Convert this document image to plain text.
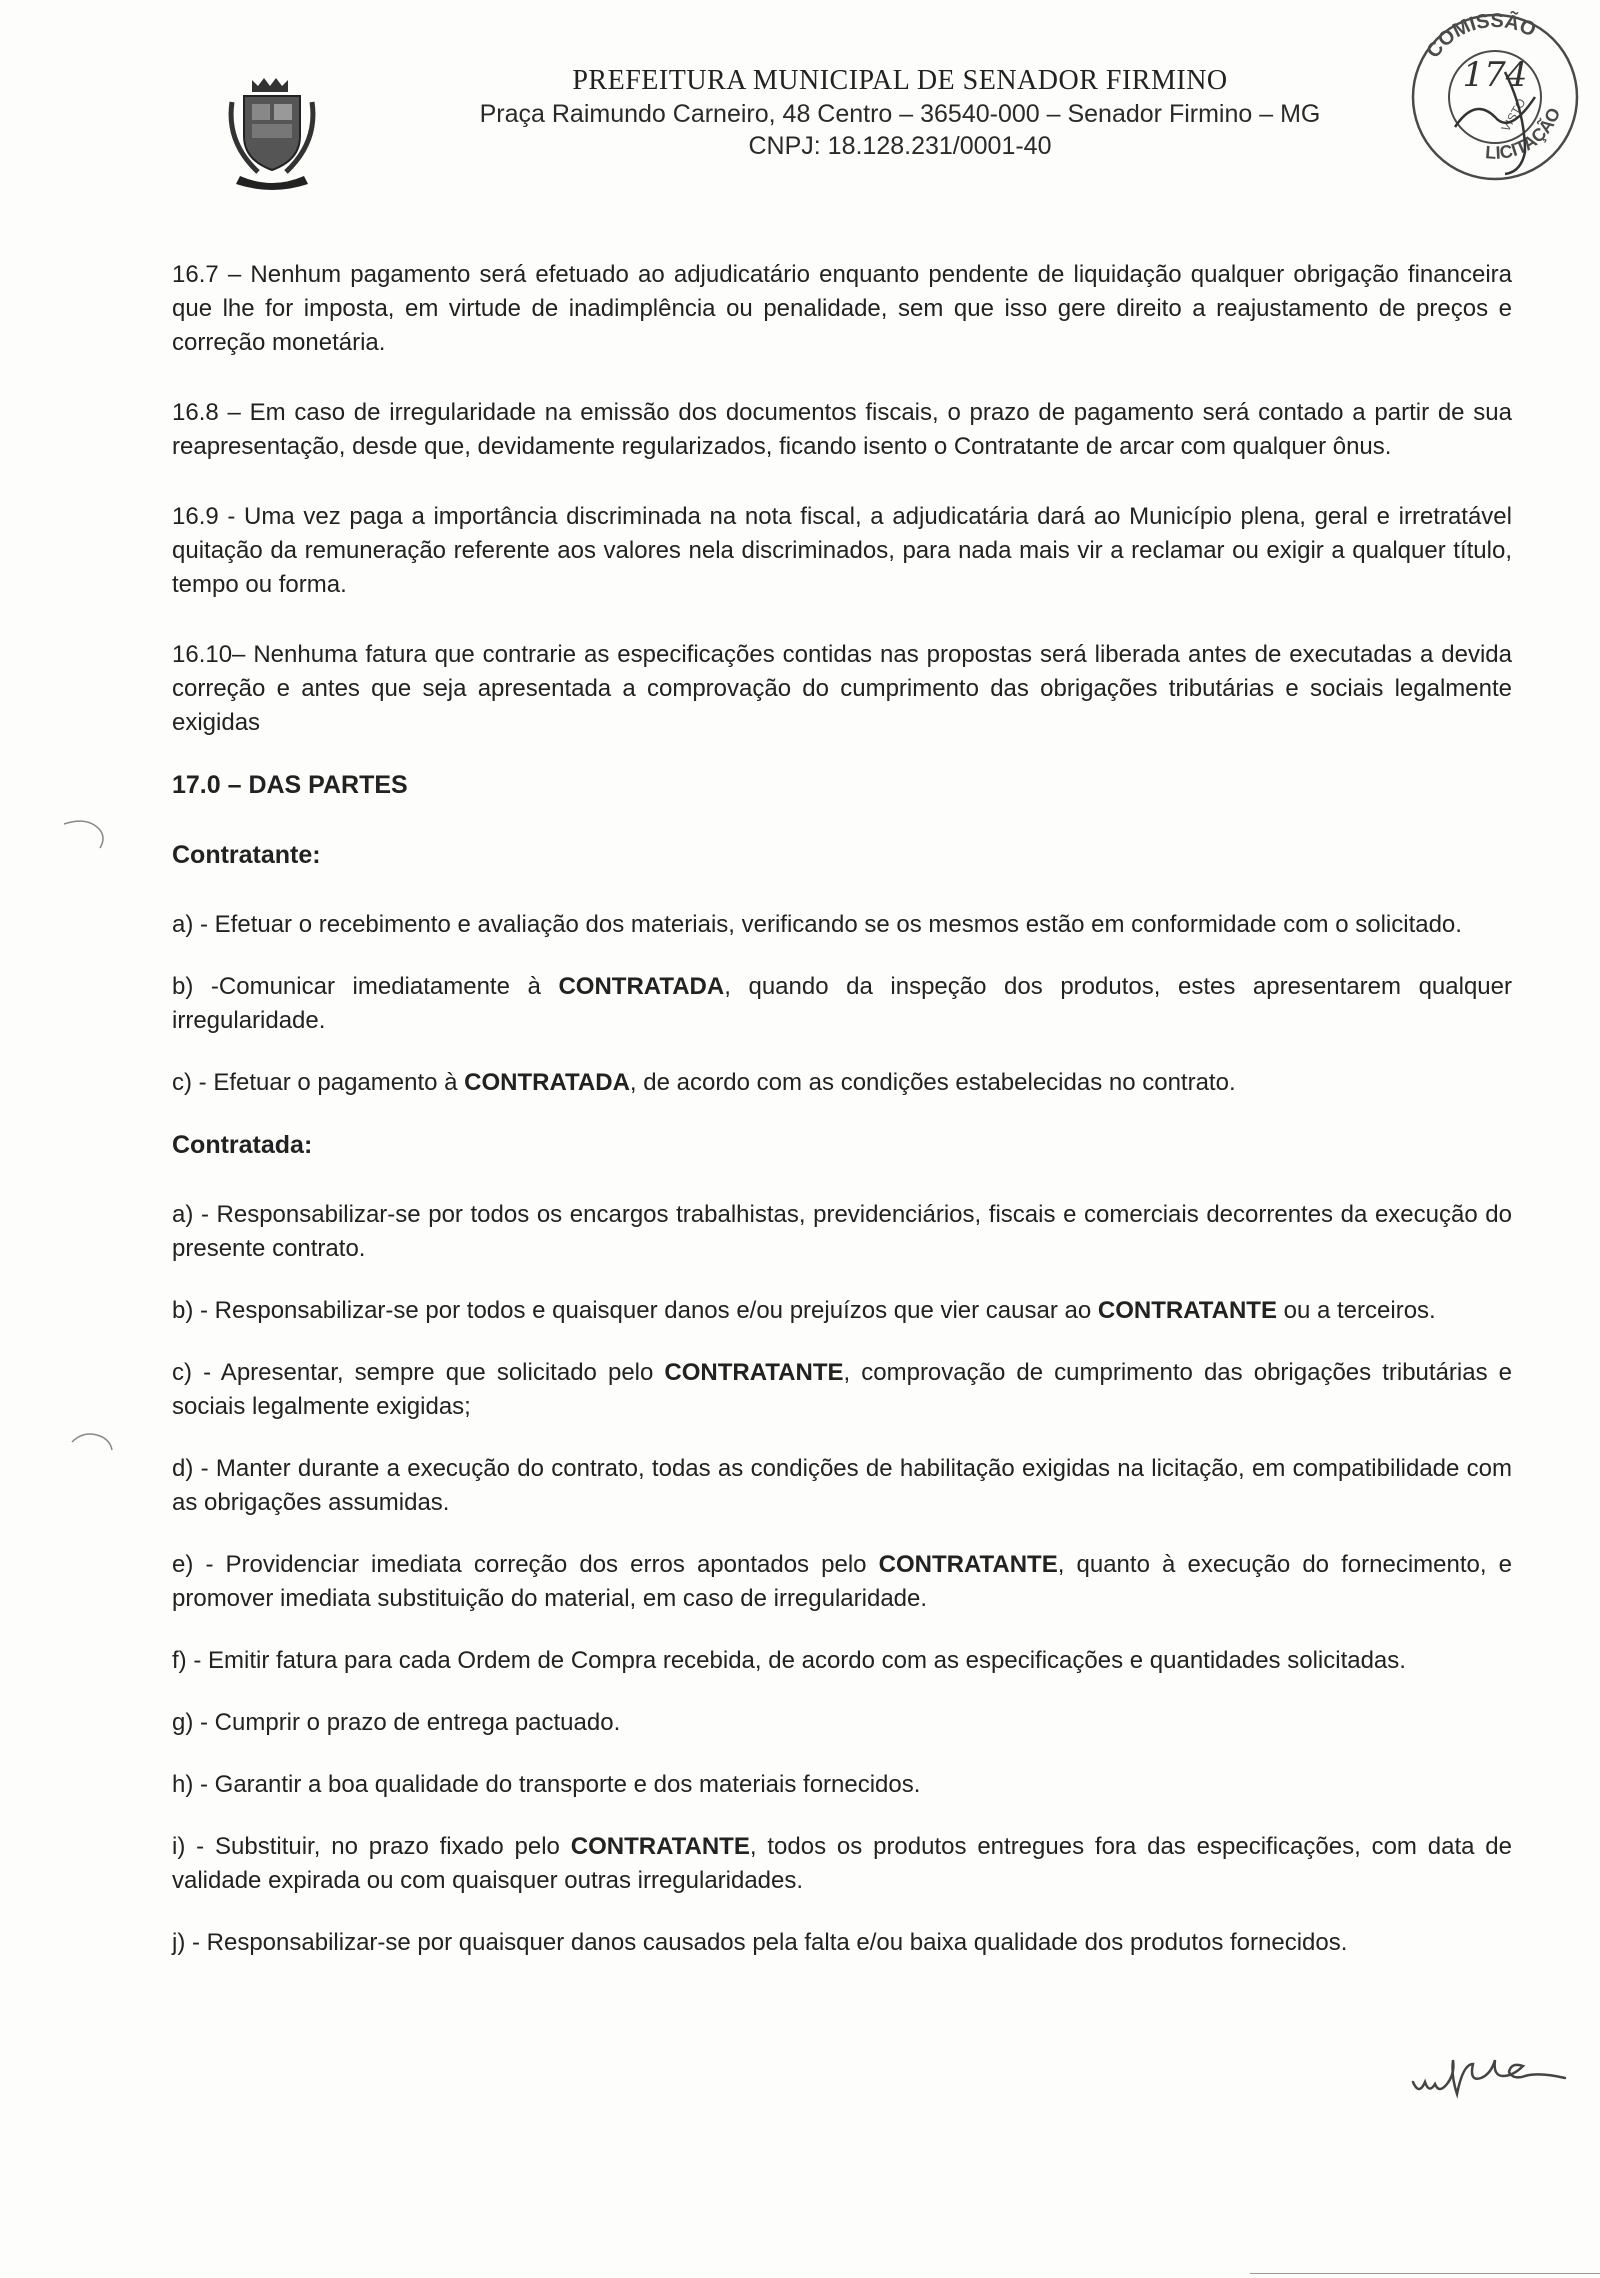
PREFEITURA MUNICIPAL DE SENADOR FIRMINO

Praça Raimundo Carneiro, 48 Centro – 36540-000 – Senador Firmino – MG

CNPJ: 18.128.231/0001-40

COMISSÃO
LICITAÇÃO
174
VISTO

16.7 – Nenhum pagamento será efetuado ao adjudicatário enquanto pendente de liquidação qualquer obrigação financeira que lhe for imposta, em virtude de inadimplência ou penalidade, sem que isso gere direito a reajustamento de preços e correção monetária.

16.8 – Em caso de irregularidade na emissão dos documentos fiscais, o prazo de pagamento será contado a partir de sua reapresentação, desde que, devidamente regularizados, ficando isento o Contratante de arcar com qualquer ônus.

16.9 - Uma vez paga a importância discriminada na nota fiscal, a adjudicatária dará ao Município plena, geral e irretratável quitação da remuneração referente aos valores nela discriminados, para nada mais vir a reclamar ou exigir a qualquer título, tempo ou forma.

16.10– Nenhuma fatura que contrarie as especificações contidas nas propostas será liberada antes de executadas a devida correção e antes que seja apresentada a comprovação do cumprimento das obrigações tributárias e sociais legalmente exigidas

17.0 – DAS PARTES

Contratante:

a) - Efetuar o recebimento e avaliação dos materiais, verificando se os mesmos estão em conformidade com o solicitado.

b) -Comunicar imediatamente à CONTRATADA, quando da inspeção dos produtos, estes apresentarem qualquer irregularidade.

c) - Efetuar o pagamento à CONTRATADA, de acordo com as condições estabelecidas no contrato.

Contratada:

a) - Responsabilizar-se por todos os encargos trabalhistas, previdenciários, fiscais e comerciais decorrentes da execução do presente contrato.

b) - Responsabilizar-se por todos e quaisquer danos e/ou prejuízos que vier causar ao CONTRATANTE ou a terceiros.

c) - Apresentar, sempre que solicitado pelo CONTRATANTE, comprovação de cumprimento das obrigações tributárias e sociais legalmente exigidas;

d) - Manter durante a execução do contrato, todas as condições de habilitação exigidas na licitação, em compatibilidade com as obrigações assumidas.

e) - Providenciar imediata correção dos erros apontados pelo CONTRATANTE, quanto à execução do fornecimento, e promover imediata substituição do material, em caso de irregularidade.

f) - Emitir fatura para cada Ordem de Compra recebida, de acordo com as especificações e quantidades solicitadas.

g) - Cumprir o prazo de entrega pactuado.

h) - Garantir a boa qualidade do transporte e dos materiais fornecidos.

i) - Substituir, no prazo fixado pelo CONTRATANTE, todos os produtos entregues fora das especificações, com data de validade expirada ou com quaisquer outras irregularidades.

j) - Responsabilizar-se por quaisquer danos causados pela falta e/ou baixa qualidade dos produtos fornecidos.
